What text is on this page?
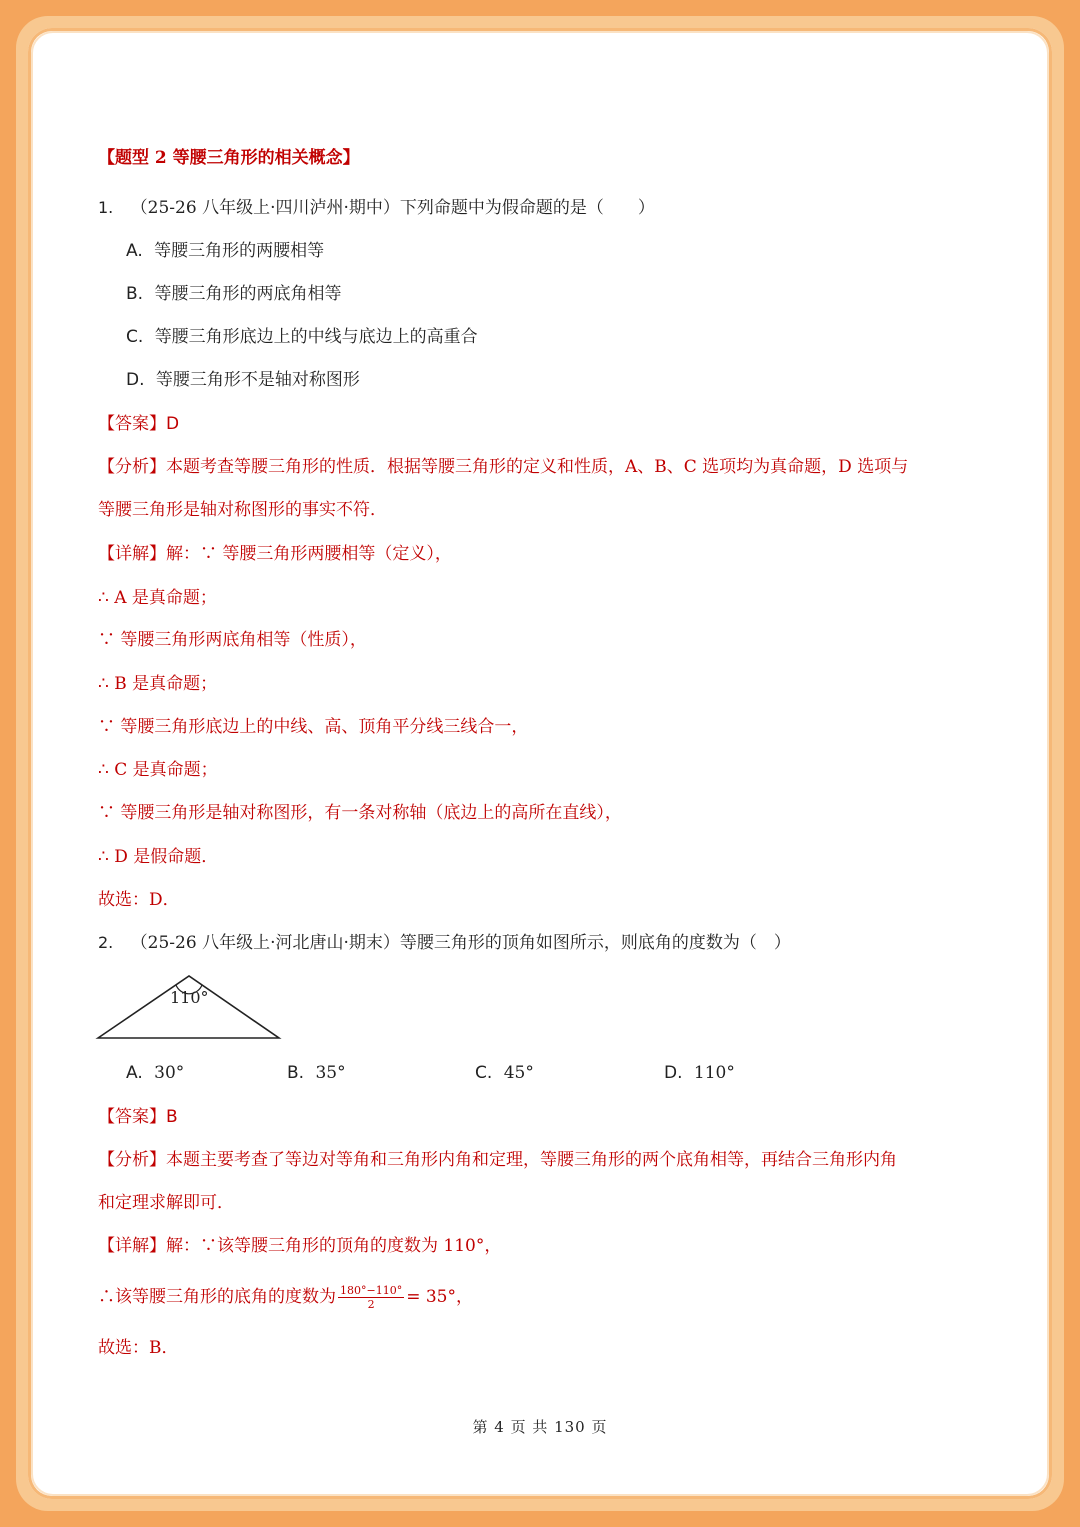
【题型 2 等腰三角形的相关概念】
1. （25-26 八年级上·四川泸州·期中）下列命题中为假命题的是（　　）
A. 等腰三角形的两腰相等
B. 等腰三角形的两底角相等
C. 等腰三角形底边上的中线与底边上的高重合
D. 等腰三角形不是轴对称图形
【答案】D
【分析】本题考查等腰三角形的性质．根据等腰三角形的定义和性质，A、B、C 选项均为真命题，D 选项与
等腰三角形是轴对称图形的事实不符．
【详解】解：∵ 等腰三角形两腰相等（定义），
∴ A 是真命题；
∵ 等腰三角形两底角相等（性质），
∴ B 是真命题；
∵ 等腰三角形底边上的中线、高、顶角平分线三线合一，
∴ C 是真命题；
∵ 等腰三角形是轴对称图形，有一条对称轴（底边上的高所在直线），
∴ D 是假命题．
故选：D．
2. （25-26 八年级上·河北唐山·期末）等腰三角形的顶角如图所示，则底角的度数为（　）
110°
A. 30°	B. 35°	C. 45°	D. 110°
【答案】B
【分析】本题主要考查了等边对等角和三角形内角和定理，等腰三角形的两个底角相等，再结合三角形内角
和定理求解即可．
【详解】解：∵该等腰三角形的顶角的度数为 110°，
∴该等腰三角形的底角的度数为 $\frac{180^\circ-110^\circ}{2} = 35^\circ$，
故选：B．
第 4 页 共 130 页
